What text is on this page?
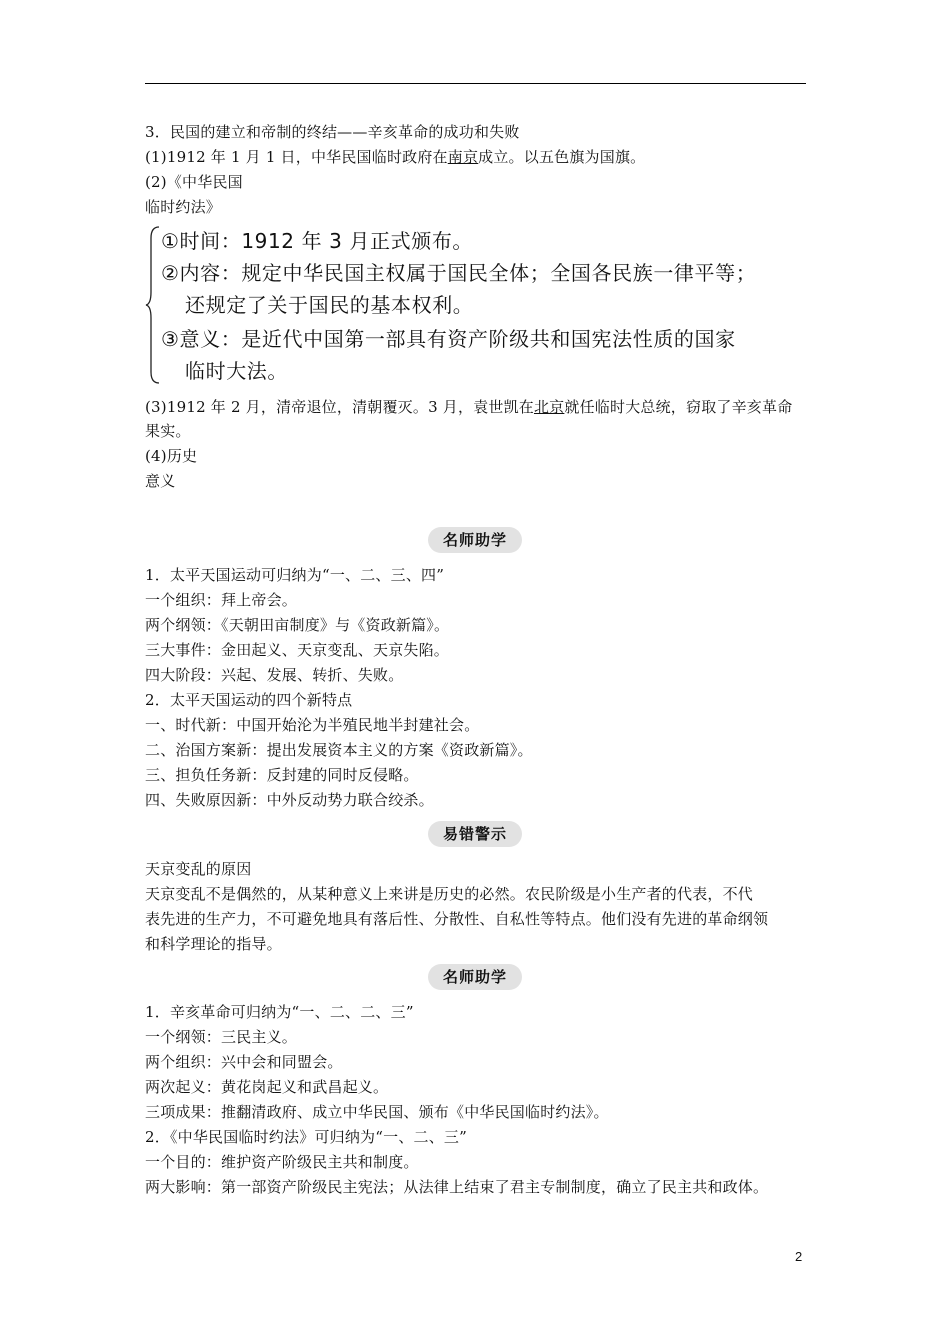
3．民国的建立和帝制的终结——辛亥革命的成功和失败
(1)1912 年 1 月 1 日，中华民国临时政府在南京成立。以五色旗为国旗。
(2)《中华民国
临时约法》
①时间：1912 年 3 月正式颁布。
②内容：规定中华民国主权属于国民全体；全国各民族一律平等；
还规定了关于国民的基本权利。
③意义：是近代中国第一部具有资产阶级共和国宪法性质的国家
临时大法。
(3)1912 年 2 月，清帝退位，清朝覆灭。3 月，袁世凯在北京就任临时大总统，窃取了辛亥革命
果实。
(4)历史
意义
名师助学
1．太平天国运动可归纳为“一、二、三、四”
一个组织：拜上帝会。
两个纲领：《天朝田亩制度》与《资政新篇》。
三大事件：金田起义、天京变乱、天京失陷。
四大阶段：兴起、发展、转折、失败。
2．太平天国运动的四个新特点
一、时代新：中国开始沦为半殖民地半封建社会。
二、治国方案新：提出发展资本主义的方案《资政新篇》。
三、担负任务新：反封建的同时反侵略。
四、失败原因新：中外反动势力联合绞杀。
易错警示
天京变乱的原因
天京变乱不是偶然的，从某种意义上来讲是历史的必然。农民阶级是小生产者的代表，不代
表先进的生产力，不可避免地具有落后性、分散性、自私性等特点。他们没有先进的革命纲领
和科学理论的指导。
名师助学
1．辛亥革命可归纳为“一、二、二、三”
一个纲领：三民主义。
两个组织：兴中会和同盟会。
两次起义：黄花岗起义和武昌起义。
三项成果：推翻清政府、成立中华民国、颁布《中华民国临时约法》。
2．《中华民国临时约法》可归纳为“一、二、三”
一个目的：维护资产阶级民主共和制度。
两大影响：第一部资产阶级民主宪法；从法律上结束了君主专制制度，确立了民主共和政体。
2
